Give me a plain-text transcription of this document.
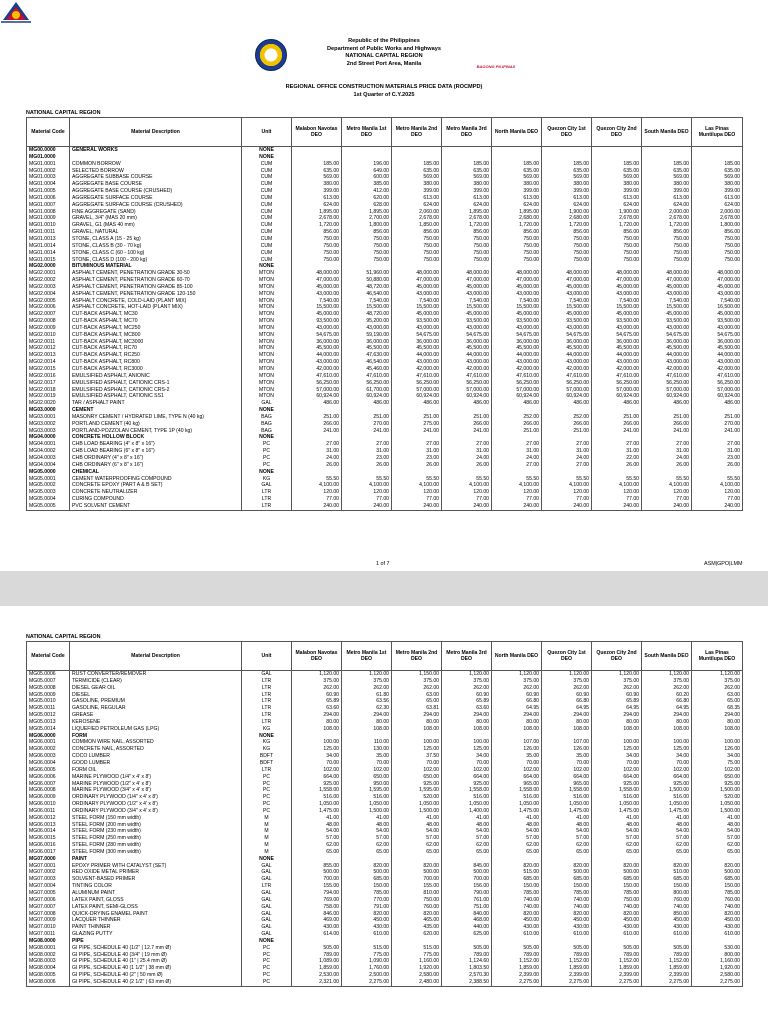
BAGONG PILIPINAS
Republic of the Philippines
Department of Public Works and Highways
NATIONAL CAPITAL REGION
2nd Street Port Area, Manila
REGIONAL OFFICE CONSTRUCTION MATERIALS PRICE DATA (ROCMPD)
1st Quarter of C.Y.2025
NATIONAL CAPITAL REGION
Material Code	Material Description	Unit	Malabon Navotas DEO	Metro Manila 1st DEO	Metro Manila 2nd DEO	Metro Manila 3rd DEO	North Manila DEO	Quezon City 1st DEO	Quezon City 2nd DEO	South Manila DEO	Las Pinas Muntilupa DEO
MG00.0000	GENERAL WORKS	NONE									
MG01.0000		NONE									
MG01.0001	COMMON BORROW	CUM	185.00	196.00	185.00	185.00	185.00	185.00	185.00	185.00	185.00
MG01.0002	SELECTED BORROW	CUM	635.00	649.00	635.00	635.00	635.00	635.00	635.00	635.00	635.00
MG01.0003	AGGREGATE SUBBASE COURSE	CUM	569.00	600.00	569.00	569.00	569.00	569.00	569.00	569.00	569.00
MG01.0004	AGGREGATE BASE COURSE	CUM	380.00	385.00	380.00	380.00	380.00	380.00	380.00	380.00	380.00
MG01.0005	AGGREGATE BASE COURSE (CRUSHED)	CUM	399.00	412.00	399.00	399.00	399.00	399.00	399.00	399.00	399.00
MG01.0006	AGGREGATE SURFACE COURSE	CUM	613.00	620.00	613.00	613.00	613.00	613.00	613.00	613.00	613.00
MG01.0007	AGGREGATE SURFACE COURSE (CRUSHED)	CUM	624.00	628.00	624.00	624.00	624.00	624.00	624.00	624.00	624.00
MG01.0008	FINE AGGREGATE (SAND)	CUM	1,895.00	1,895.00	2,060.00	1,895.00	1,895.00	1,900.00	1,900.00	2,000.00	2,000.00
MG01.0009	GRAVEL, 3/4" (MAS 20 mm)	CUM	2,678.00	2,700.00	2,678.00	2,678.00	2,680.00	2,680.00	2,678.00	2,678.00	2,678.00
MG01.0010	GRAVEL, G1 (MAS 40 mm)	CUM	1,720.00	1,800.00	1,850.00	1,720.00	1,720.00	1,720.00	1,720.00	1,720.00	1,800.00
MG01.0011	GRAVEL, NATURAL	CUM	856.00	856.00	856.00	856.00	856.00	856.00	856.00	856.00	856.00
MG01.0013	STONE, CLASS A (15 - 25 kg)	CUM	750.00	750.00	750.00	750.00	750.00	750.00	750.00	750.00	750.00
MG01.0014	STONE, CLASS B (30 - 70 kg)	CUM	750.00	750.00	750.00	750.00	750.00	750.00	750.00	750.00	750.00
MG01.0014	STONE, CLASS C (60 - 100 kg)	CUM	750.00	750.00	750.00	750.00	750.00	750.00	750.00	750.00	750.00
MG01.0015	STONE, CLASS D (100 - 200 kg)	CUM	750.00	750.00	750.00	750.00	750.00	750.00	750.00	750.00	750.00
MG02.0000	BITUMINOUS MATERIAL	NONE									
MG02.0001	ASPHALT CEMENT, PENETRATION GRADE 30-50	MTON	48,000.00	51,960.00	48,000.00	48,000.00	48,000.00	48,000.00	48,000.00	48,000.00	48,000.00
MG02.0002	ASPHALT CEMENT, PENETRATION GRADE 60-70	MTON	47,000.00	50,880.00	47,000.00	47,000.00	47,000.00	47,000.00	47,000.00	47,000.00	47,000.00
MG02.0003	ASPHALT CEMENT, PENETRATION GRADE 85-100	MTON	45,000.00	48,720.00	45,000.00	45,000.00	45,000.00	45,000.00	45,000.00	45,000.00	45,000.00
MG02.0004	ASPHALT CEMENT, PENETRATION GRADE 120-150	MTON	43,000.00	46,540.00	43,000.00	43,000.00	43,000.00	43,000.00	43,000.00	43,000.00	43,000.00
MG02.0005	ASPHALT CONCRETE, COLD-LAID (PLANT MIX)	MTON	7,540.00	7,540.00	7,540.00	7,540.00	7,540.00	7,540.00	7,540.00	7,540.00	7,540.00
MG02.0006	ASPHALT CONCRETE, HOT-LAID (PLANT MIX)	MTON	15,500.00	15,500.00	15,500.00	15,500.00	15,500.00	15,500.00	15,500.00	15,500.00	16,500.00
MG02.0007	CUT-BACK ASPHALT, MC30	MTON	45,000.00	48,720.00	45,000.00	45,000.00	45,000.00	45,000.00	45,000.00	45,000.00	45,000.00
MG02.0008	CUT-BACK ASPHALT, MC70	MTON	93,500.00	95,200.00	93,500.00	93,500.00	93,500.00	93,500.00	93,500.00	93,500.00	93,500.00
MG02.0009	CUT-BACK ASPHALT, MC250	MTON	43,000.00	43,000.00	43,000.00	43,000.00	43,000.00	43,000.00	43,000.00	43,000.00	43,000.00
MG02.0010	CUT-BACK ASPHALT, MC800	MTON	54,675.00	59,190.00	54,675.00	54,675.00	54,675.00	54,675.00	54,675.00	54,675.00	54,675.00
MG02.0011	CUT-BACK ASPHALT, MC3000	MTON	36,000.00	36,000.00	36,000.00	36,000.00	36,000.00	36,000.00	36,000.00	36,000.00	36,000.00
MG02.0012	CUT-BACK ASPHALT, RC70	MTON	45,500.00	45,500.00	45,500.00	45,500.00	45,500.00	45,500.00	45,500.00	45,500.00	45,500.00
MG02.0013	CUT-BACK ASPHALT, RC250	MTON	44,000.00	47,630.00	44,000.00	44,000.00	44,000.00	44,000.00	44,000.00	44,000.00	44,000.00
MG02.0014	CUT-BACK ASPHALT, RC800	MTON	43,000.00	46,540.00	43,000.00	43,000.00	43,000.00	43,000.00	43,000.00	43,000.00	43,000.00
MG02.0015	CUT-BACK ASPHALT, RC3000	MTON	42,000.00	45,460.00	42,000.00	42,000.00	42,000.00	42,000.00	42,000.00	42,000.00	42,000.00
MG02.0016	EMULSIFIED ASPHALT, ANIONIC	MTON	47,610.00	47,610.00	47,610.00	47,610.00	47,610.00	47,610.00	47,610.00	47,610.00	47,610.00
MG02.0017	EMULSIFIED ASPHALT, CATIONIC CRS-1	MTON	56,250.00	56,250.00	56,250.00	56,250.00	56,250.00	56,250.00	56,250.00	56,250.00	56,250.00
MG02.0018	EMULSIFIED ASPHALT, CATIONIC CRS-2	MTON	57,000.00	61,700.00	57,000.00	57,000.00	57,000.00	57,000.00	57,000.00	57,000.00	57,000.00
MG02.0019	EMULSIFIED ASPHALT, CATIONIC SS1	MTON	60,924.00	60,924.00	60,924.00	60,924.00	60,924.00	60,924.00	60,924.00	60,924.00	60,924.00
MG02.0020	TAR / ASPHALT PAINT	GAL	486.00	486.00	486.00	486.00	486.00	486.00	486.00	486.00	486.00
MG03.0000	CEMENT	NONE									
MG03.0001	MASONRY CEMENT / HYDRATED LIME, TYPE N (40 kg)	BAG	251.00	251.00	251.00	251.00	252.00	252.00	251.00	251.00	251.00
MG03.0002	PORTLAND CEMENT (40 kg)	BAG	266.00	270.00	275.00	266.00	266.00	266.00	266.00	266.00	270.00
MG03.0003	PORTLAND-POZZOLAN CEMENT, TYPE 1P (40 kg)	BAG	241.00	241.00	241.00	241.00	251.00	251.00	241.00	241.00	241.00
MG04.0000	CONCRETE HOLLOW BLOCK	NONE									
MG04.0001	CHB LOAD BEARING (4" x 8" x 16")	PC	27.00	27.00	27.00	27.00	27.00	27.00	27.00	27.00	27.00
MG04.0002	CHB LOAD BEARING (6" x 8" x 16")	PC	31.00	31.00	31.00	31.00	31.00	31.00	31.00	31.00	31.00
MG04.0003	CHB ORDINARY (4" x 8" x 16")	PC	24.00	23.00	23.00	24.00	24.00	24.00	22.00	24.00	23.00
MG04.0004	CHB ORDINARY (6" x 8" x 16")	PC	26.00	26.00	26.00	26.00	27.00	27.00	26.00	26.00	26.00
MG05.0000	CHEMICAL	NONE									
MG05.0001	CEMENT WATERPROOFING COMPOUND	KG	55.50	55.50	55.50	55.50	55.50	55.50	55.50	55.50	55.50
MG05.0002	CONCRETE EPOXY (PART A & B SET)	GAL	4,100.00	4,100.00	4,100.00	4,100.00	4,100.00	4,100.00	4,100.00	4,100.00	4,100.00
MG05.0003	CONCRETE NEUTRALIZER	LTR	120.00	120.00	120.00	120.00	120.00	120.00	120.00	120.00	120.00
MG05.0004	CURING COMPOUND	LTR	77.00	77.00	77.00	77.00	77.00	77.00	77.00	77.00	77.00
MG05.0005	PVC SOLVENT CEMENT	LTR	240.00	240.00	240.00	240.00	240.00	240.00	240.00	240.00	240.00
1 of 7	ASM|GPO|LMM
NATIONAL CAPITAL REGION
Material Code	Material Description	Unit	Malabon Navotas DEO	Metro Manila 1st DEO	Metro Manila 2nd DEO	Metro Manila 3rd DEO	North Manila DEO	Quezon City 1st DEO	Quezon City 2nd DEO	South Manila DEO	Las Pinas Muntilupa DEO
MG05.0006	RUST CONVERTER/REMOVER	GAL	1,120.00	1,120.00	1,150.00	1,120.00	1,120.00	1,120.00	1,120.00	1,120.00	1,120.00
MG05.0007	TERMICIDE (CLEAR)	LTR	375.00	375.00	375.00	375.00	375.00	375.00	375.00	375.00	375.00
MG05.0008	DIESEL GEAR OIL	LTR	262.00	262.00	262.00	262.00	262.00	262.00	262.00	262.00	262.00
MG05.0009	DIESEL	LTR	60.90	61.80	63.00	60.90	60.90	60.90	60.90	60.20	63.00
MG05.0010	GASOLINE, PREMIUM	LTR	65.89	63.56	65.00	65.89	66.80	66.80	65.89	66.80	65.00
MG05.0011	GASOLINE, REGULAR	LTR	63.60	62.30	63.81	63.60	64.95	64.95	64.95	64.95	68.35
MG05.0012	GREASE	LTR	294.00	294.00	294.00	294.00	294.00	294.00	294.00	294.00	294.00
MG05.0013	KEROSENE	LTR	80.00	80.00	80.00	80.00	80.00	80.00	80.00	80.00	80.00
MG05.0014	LIQUEFIED PETROLEUM GAS (LPG)	KG	108.00	108.00	108.00	108.00	108.00	108.00	108.00	108.00	108.00
MG06.0000	FORM	NONE									
MG06.0001	COMMON WIRE NAIL, ASSORTED	KG	100.00	110.00	100.00	100.00	107.00	107.00	100.00	100.00	100.00
MG06.0002	CONCRETE NAIL, ASSORTED	KG	125.00	130.00	125.00	125.00	126.00	126.00	125.00	125.00	126.00
MG06.0003	COCO LUMBER	BDFT	34.00	35.00	37.50	34.00	35.00	35.00	34.00	34.00	34.00
MG06.0004	GOOD LUMBER	BDFT	70.00	70.00	70.00	70.00	70.00	70.00	70.00	70.00	75.00
MG06.0005	FORM OIL	LTR	102.00	102.00	102.00	102.00	102.00	102.00	102.00	102.00	102.00
MG06.0006	MARINE PLYWOOD (1/4" x 4' x 8')	PC	664.00	650.00	650.00	664.00	664.00	664.00	664.00	664.00	650.00
MG06.0007	MARINE PLYWOOD (1/2" x 4' x 8')	PC	925.00	950.00	925.00	925.00	965.00	965.00	925.00	925.00	925.00
MG06.0008	MARINE PLYWOOD (3/4" x 4' x 8')	PC	1,558.00	1,595.00	1,595.00	1,558.00	1,558.00	1,558.00	1,558.00	1,500.00	1,500.00
MG06.0009	ORDINARY PLYWOOD (1/4" x 4' x 8')	PC	516.00	516.00	520.00	516.00	516.00	516.00	516.00	516.00	520.00
MG06.0010	ORDINARY PLYWOOD (1/2" x 4' x 8')	PC	1,050.00	1,050.00	1,050.00	1,050.00	1,050.00	1,050.00	1,050.00	1,050.00	1,050.00
MG06.0011	ORDINARY PLYWOOD (3/4" x 4' x 8')	PC	1,475.00	1,500.00	1,500.00	1,400.00	1,475.00	1,475.00	1,475.00	1,475.00	1,500.00
MG06.0012	STEEL FORM (150 mm width)	M	41.00	41.00	41.00	41.00	41.00	41.00	41.00	41.00	41.00
MG06.0013	STEEL FORM (200 mm width)	M	48.00	48.00	48.00	48.00	48.00	48.00	48.00	48.00	48.00
MG06.0014	STEEL FORM (230 mm width)	M	54.00	54.00	54.00	54.00	54.00	54.00	54.00	54.00	54.00
MG06.0015	STEEL FORM (250 mm width)	M	57.00	57.00	57.00	57.00	57.00	57.00	57.00	57.00	57.00
MG06.0016	STEEL FORM (280 mm width)	M	62.00	62.00	62.00	62.00	62.00	62.00	62.00	62.00	62.00
MG06.0017	STEEL FORM (300 mm width)	M	65.00	65.00	65.00	65.00	65.00	65.00	65.00	65.00	65.00
MG07.0000	PAINT	NONE									
MG07.0001	EPOXY PRIMER WITH CATALYST (SET)	GAL	855.00	820.00	820.00	845.00	820.00	820.00	820.00	820.00	820.00
MG07.0002	RED OXIDE METAL PRIMER	GAL	500.00	500.00	500.00	500.00	515.00	500.00	500.00	510.00	500.00
MG07.0003	SOLVENT-BASED PRIMER	GAL	700.00	685.00	700.00	700.00	685.00	685.00	685.00	685.00	685.00
MG07.0004	TINTING COLOR	LTR	155.00	150.00	155.00	156.00	150.00	150.00	150.00	150.00	150.00
MG07.0005	ALUMINUM PAINT	GAL	794.00	785.00	810.00	790.00	785.00	785.00	785.00	800.00	785.00
MG07.0006	LATEX PAINT, GLOSS	GAL	769.00	770.00	750.00	761.00	740.00	740.00	750.00	760.00	760.00
MG07.0007	LATEX PAINT, SEMI-GLOSS	GAL	758.00	791.00	760.00	751.00	740.00	740.00	740.00	740.00	740.00
MG07.0008	QUICK-DRYING ENAMEL PAINT	GAL	846.00	820.00	820.00	840.00	820.00	820.00	820.00	850.00	820.00
MG07.0009	LACQUER THINNER	GAL	469.00	450.00	465.00	468.00	450.00	450.00	450.00	450.00	450.00
MG07.0010	PAINT THINNER	GAL	430.00	430.00	435.00	440.00	430.00	430.00	430.00	430.00	430.00
MG07.0011	GLAZING PUTTY	GAL	614.00	610.00	620.00	625.00	610.00	610.00	610.00	610.00	610.00
MG08.0000	PIPE	NONE									
MG08.0001	GI PIPE, SCHEDULE 40 (1/2" | 12.7 mm Ø)	PC	505.00	515.00	515.00	505.00	505.00	505.00	505.00	505.00	530.00
MG08.0002	GI PIPE, SCHEDULE 40 (3/4" | 19 mm Ø)	PC	789.00	775.00	775.00	789.00	789.00	789.00	789.00	789.00	800.00
MG08.0003	GI PIPE, SCHEDULE 40 (1" | 25.4 mm Ø)	PC	1,089.00	1,090.00	1,160.00	1,124.60	1,152.00	1,152.00	1,152.00	1,152.00	1,160.00
MG08.0004	GI PIPE, SCHEDULE 40 (1 1/2" | 38 mm Ø)	PC	1,859.00	1,760.00	1,920.00	1,803.50	1,859.00	1,859.00	1,859.00	1,859.00	1,920.00
MG08.0005	GI PIPE, SCHEDULE 40 (2" | 50 mm Ø)	PC	2,530.00	2,500.00	2,580.00	2,570.30	2,399.00	2,399.00	2,399.00	2,399.00	2,580.00
MG08.0006	GI PIPE, SCHEDULE 40 (2 1/2" | 63 mm Ø)	PC	2,321.00	2,275.00	2,480.00	2,388.50	2,275.00	2,275.00	2,275.00	2,275.00	2,275.00
